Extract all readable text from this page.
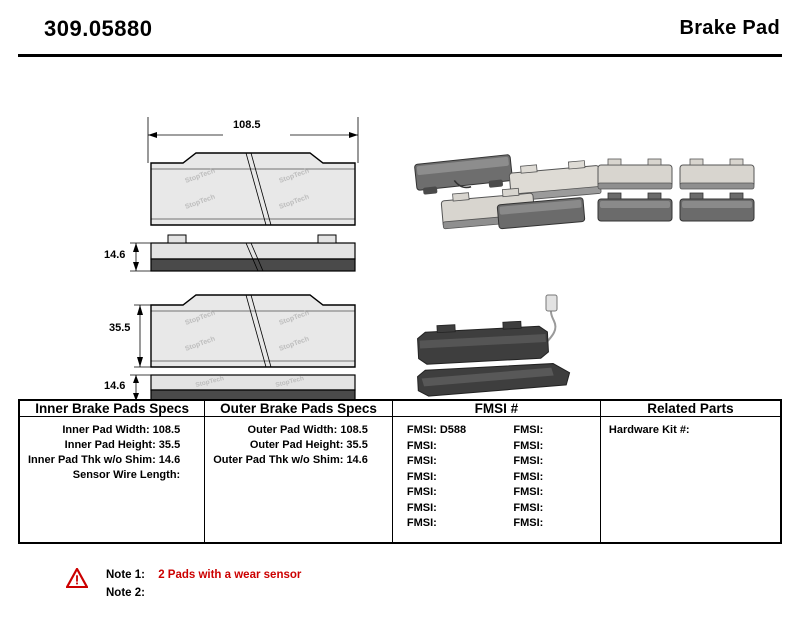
309.05880	Brake Pad
108.5
14.6
35.5
14.6
StopTech	StopTech
StopTech	StopTech
StopTech	StopTech
StopTech	StopTech
StopTech	StopTech
Inner Brake Pads Specs	Outer Brake Pads Specs	FMSI #	Related Parts

Inner Pad Width: 108.5
Inner Pad Height: 35.5
Inner Pad Thk w/o Shim: 14.6
Sensor Wire Length:

Outer Pad Width: 108.5
Outer Pad Height: 35.5
Outer Pad Thk w/o Shim: 14.6

FMSI: D588
FMSI:
FMSI:
FMSI:
FMSI:
FMSI:
FMSI:
FMSI:
FMSI:
FMSI:
FMSI:
FMSI:
FMSI:
FMSI:

Hardware Kit #:
Note 1: 2 Pads with a wear sensor
Note 2:
